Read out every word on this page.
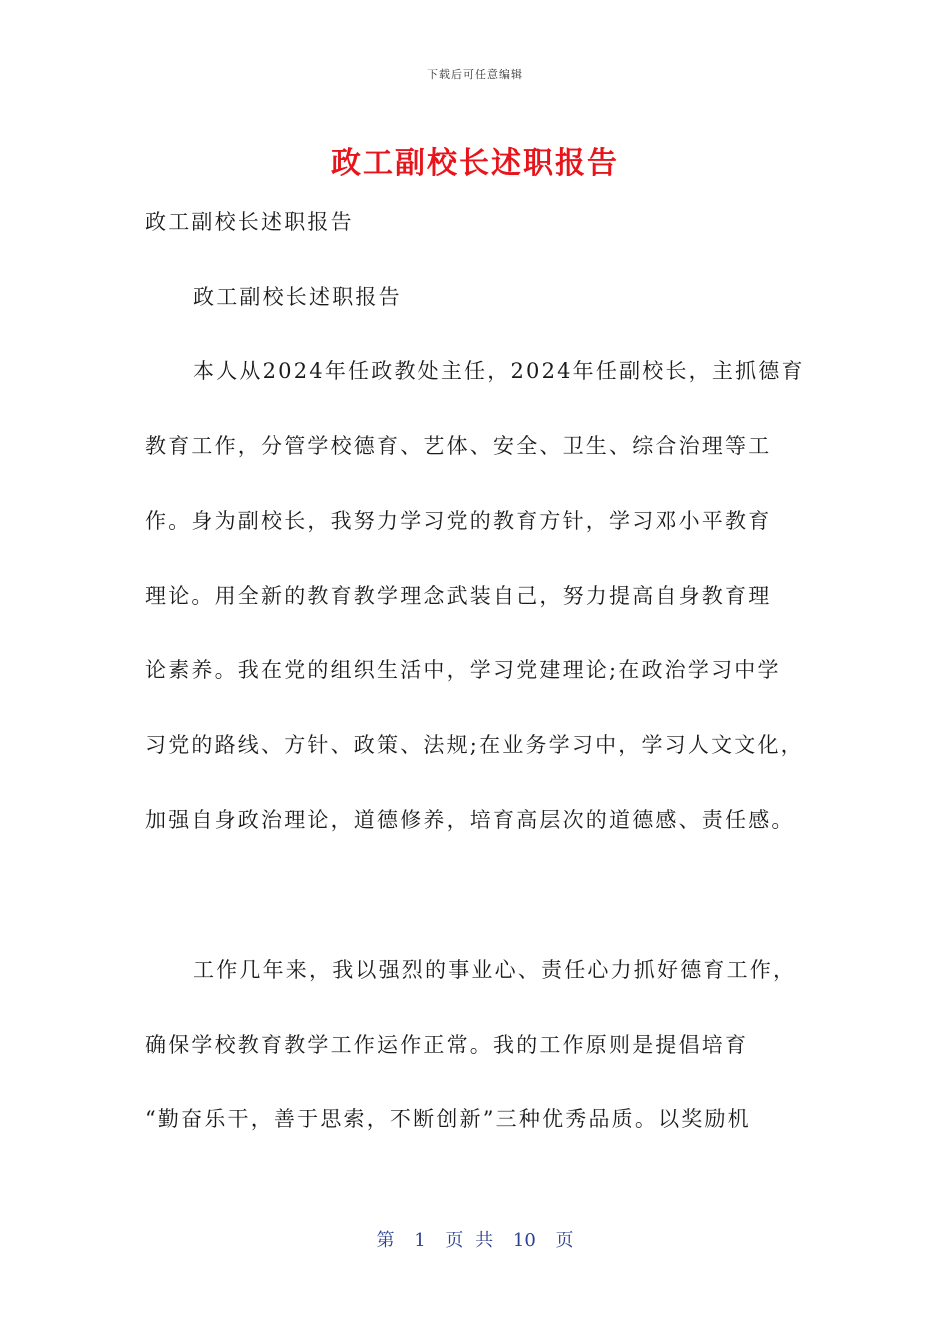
下载后可任意编辑
政工副校长述职报告
政工副校长述职报告
政工副校长述职报告
本人从2024年任政教处主任，2024年任副校长，主抓德育
教育工作，分管学校德育、艺体、安全、卫生、综合治理等工
作。身为副校长，我努力学习党的教育方针，学习邓小平教育
理论。用全新的教育教学理念武装自己，努力提高自身教育理
论素养。我在党的组织生活中，学习党建理论;在政治学习中学
习党的路线、方针、政策、法规;在业务学习中，学习人文文化，
加强自身政治理论，道德修养，培育高层次的道德感、责任感。
工作几年来，我以强烈的事业心、责任心力抓好德育工作，
确保学校教育教学工作运作正常。我的工作原则是提倡培育
“勤奋乐干，善于思索，不断创新”三种优秀品质。以奖励机
第 1 页 共 10 页
